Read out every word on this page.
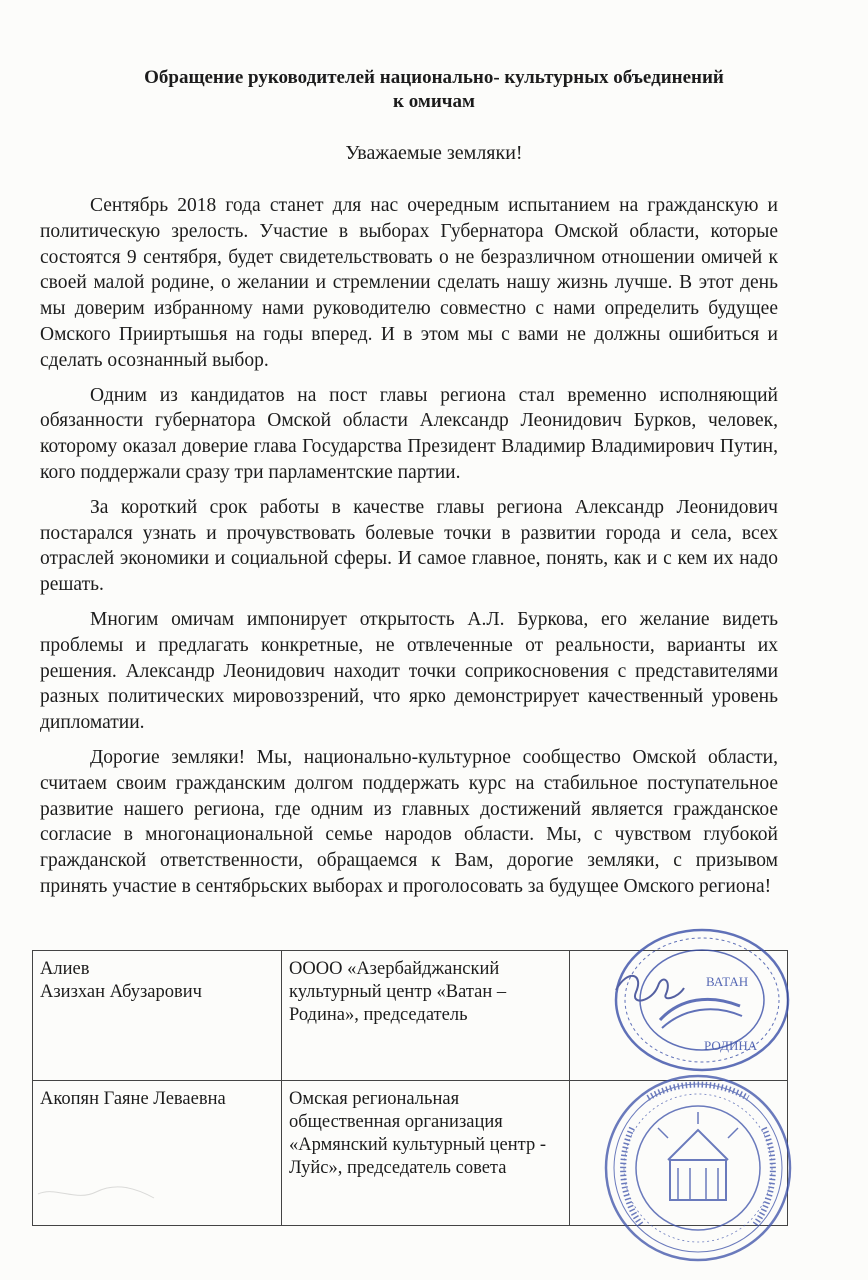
Обращение руководителей национально- культурных объединений
к омичам
Уважаемые земляки!

Сентябрь 2018 года станет для нас очередным испытанием на гражданскую и политическую зрелость. Участие в выборах Губернатора Омской области, которые состоятся 9 сентября, будет свидетельствовать о не безразличном отношении омичей к своей малой родине, о желании и стремлении сделать нашу жизнь лучше. В этот день мы доверим избранному нами руководителю совместно с нами определить будущее Омского Прииртышья на годы вперед. И в этом мы с вами не должны ошибиться и сделать осознанный выбор.

Одним из кандидатов на пост главы региона стал временно исполняющий обязанности губернатора Омской области Александр Леонидович Бурков, человек, которому оказал доверие глава Государства Президент Владимир Владимирович Путин, кого поддержали сразу три парламентские партии.

За короткий срок работы в качестве главы региона Александр Леонидович постарался узнать и прочувствовать болевые точки в развитии города и села, всех отраслей экономики и социальной сферы. И самое главное, понять, как и с кем их надо решать.

Многим омичам импонирует открытость А.Л. Буркова, его желание видеть проблемы и предлагать конкретные, не отвлеченные от реальности, варианты их решения. Александр Леонидович находит точки соприкосновения с представителями разных политических мировоззрений, что ярко демонстрирует качественный уровень дипломатии.

Дорогие земляки! Мы, национально-культурное сообщество Омской области, считаем своим гражданским долгом поддержать курс на стабильное поступательное развитие нашего региона, где одним из главных достижений является гражданское согласие в многонациональной семье народов области. Мы, с чувством глубокой гражданской ответственности, обращаемся к Вам, дорогие земляки, с призывом принять участие в сентябрьских выборах и проголосовать за будущее Омского региона!

Алиев
Азизхан Абузарович	ОООО «Азербайджанский культурный центр «Ватан – Родина», председатель	
Акопян Гаяне Леваевна	Омская региональная общественная организация «Армянский культурный центр - Луйс», председатель совета	
ВАТАН
РОДИНА
